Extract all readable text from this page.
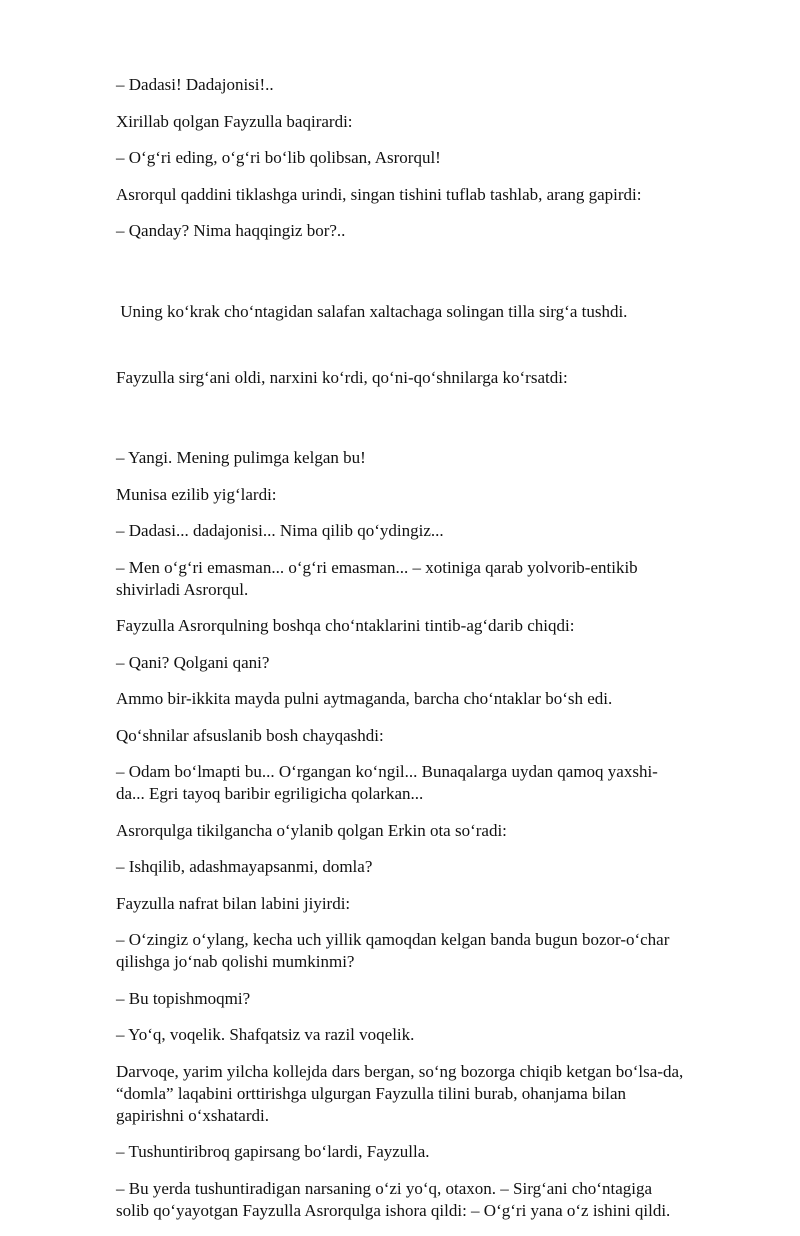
– Dadasi! Dadajonisi!..

Xirillab qolgan Fayzulla baqirardi:

– O‘g‘ri eding, o‘g‘ri bo‘lib qolibsan, Asrorqul!

Asrorqul qaddini tiklashga urindi, singan tishini tuflab tashlab, arang gapirdi:

– Qanday? Nima haqqingiz bor?..

Uning ko‘krak cho‘ntagidan salafan xaltachaga solingan tilla sirg‘a tushdi.

Fayzulla sirg‘ani oldi, narxini ko‘rdi, qo‘ni-qo‘shnilarga ko‘rsatdi:

– Yangi. Mening pulimga kelgan bu!

Munisa ezilib yig‘lardi:

– Dadasi... dadajonisi... Nima qilib qo‘ydingiz...

– Men o‘g‘ri emasman... o‘g‘ri emasman... – xotiniga qarab yolvorib-entikib
shivirladi Asrorqul.

Fayzulla Asrorqulning boshqa cho‘ntaklarini tintib-ag‘darib chiqdi:

– Qani? Qolgani qani?

Ammo bir-ikkita mayda pulni aytmaganda, barcha cho‘ntaklar bo‘sh edi.

Qo‘shnilar afsuslanib bosh chayqashdi:

– Odam bo‘lmapti bu... O‘rgangan ko‘ngil... Bunaqalarga uydan qamoq yaxshi-
da... Egri tayoq baribir egriligicha qolarkan...

Asrorqulga tikilgancha o‘ylanib qolgan Erkin ota so‘radi:

– Ishqilib, adashmayapsanmi, domla?

Fayzulla nafrat bilan labini jiyirdi:

– O‘zingiz o‘ylang, kecha uch yillik qamoqdan kelgan banda bugun bozor-o‘char
qilishga jo‘nab qolishi mumkinmi?

– Bu topishmoqmi?

– Yo‘q, voqelik. Shafqatsiz va razil voqelik.

Darvoqe, yarim yilcha kollejda dars bergan, so‘ng bozorga chiqib ketgan bo‘lsa-da,
“domla” laqabini orttirishga ulgurgan Fayzulla tilini burab, ohanjama bilan
gapirishni o‘xshatardi.

– Tushuntiribroq gapirsang bo‘lardi, Fayzulla.

– Bu yerda tushuntiradigan narsaning o‘zi yo‘q, otaxon. – Sirg‘ani cho‘ntagiga
solib qo‘yayotgan Fayzulla Asrorqulga ishora qildi: – O‘g‘ri yana o‘z ishini qildi.
